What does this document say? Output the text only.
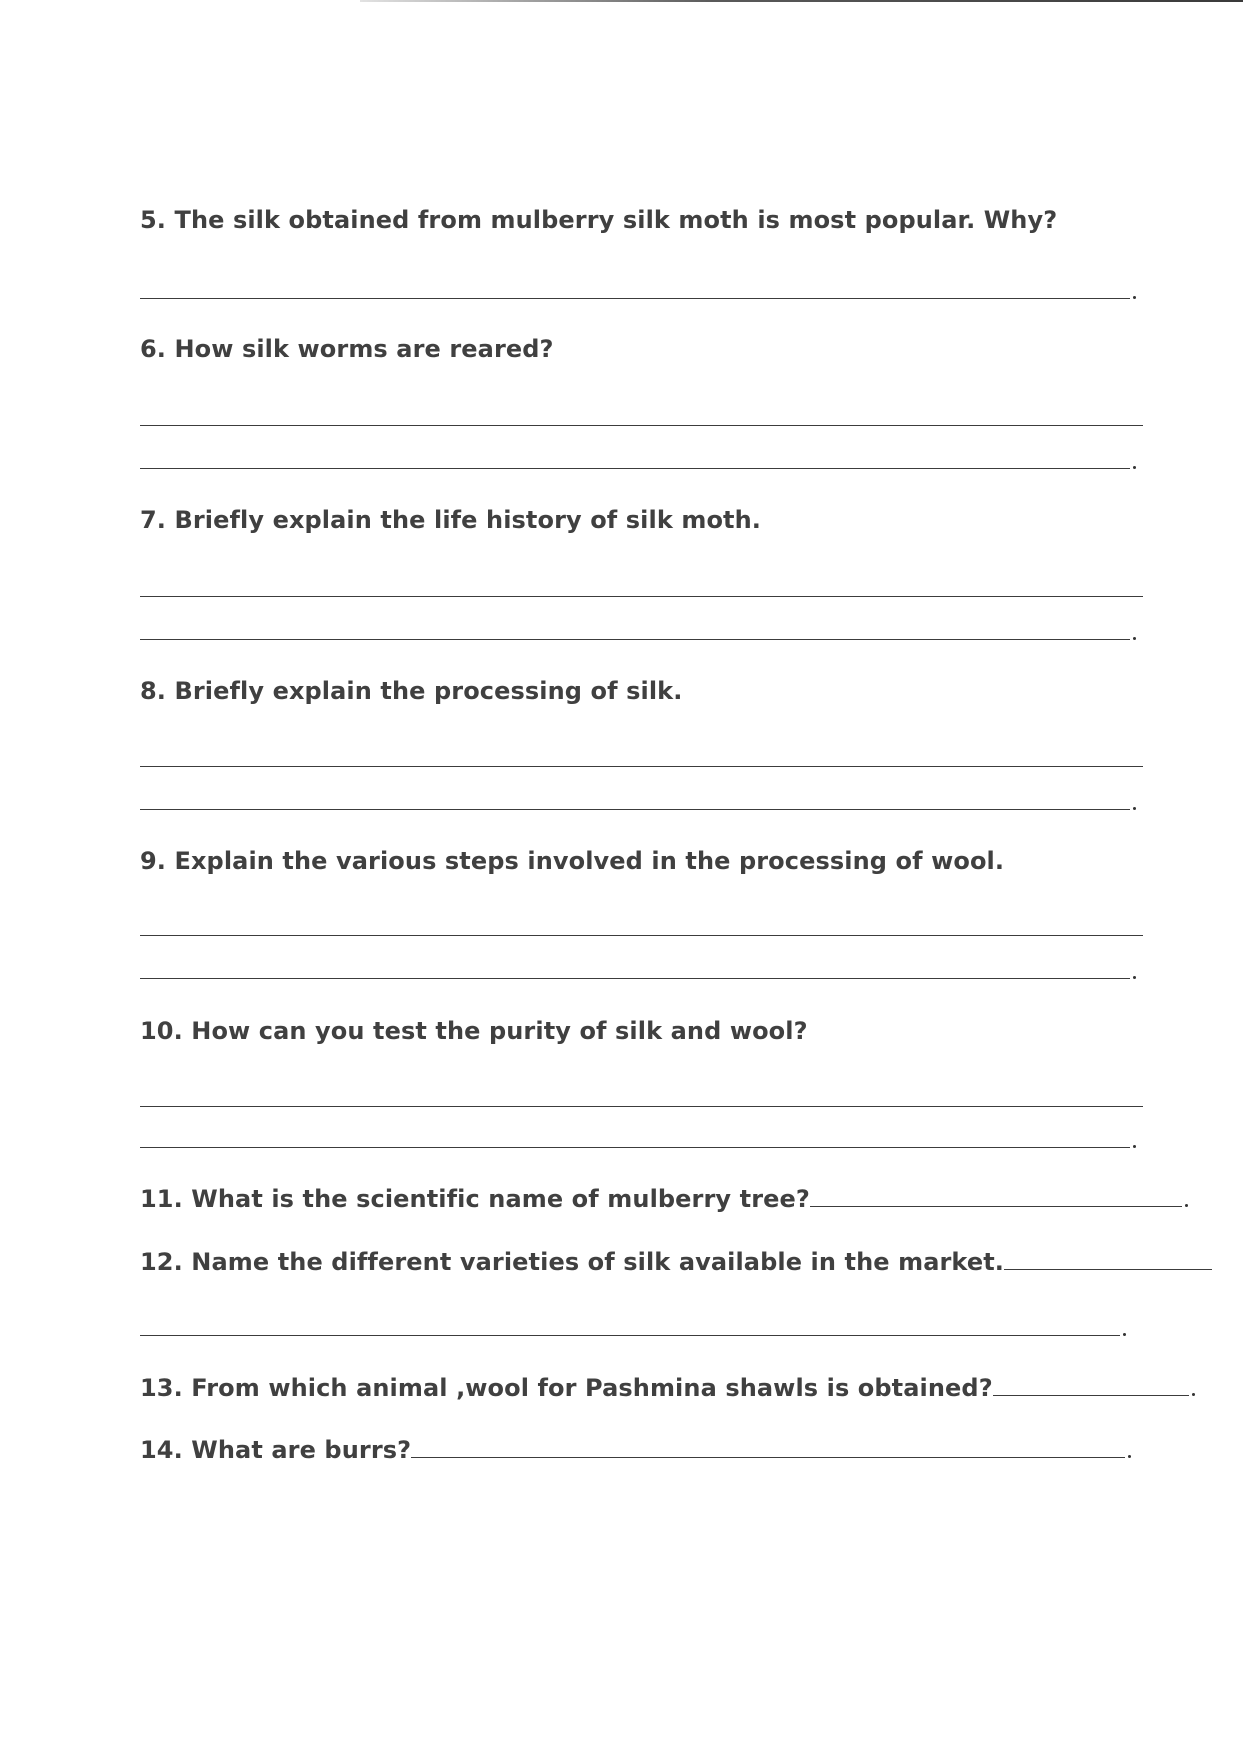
5. The silk obtained from mulberry silk moth is most popular. Why?
6. How silk worms are reared?
7. Briefly explain the life history of silk moth.
8. Briefly explain the processing of silk.
9. Explain the various steps involved in the processing of wool.
10. How can you test the purity of silk and wool?
11. What is the scientific name of mulberry tree?
12. Name the different varieties of silk available in the market.
13. From which animal ,wool for Pashmina shawls is obtained?
14. What are burrs?
